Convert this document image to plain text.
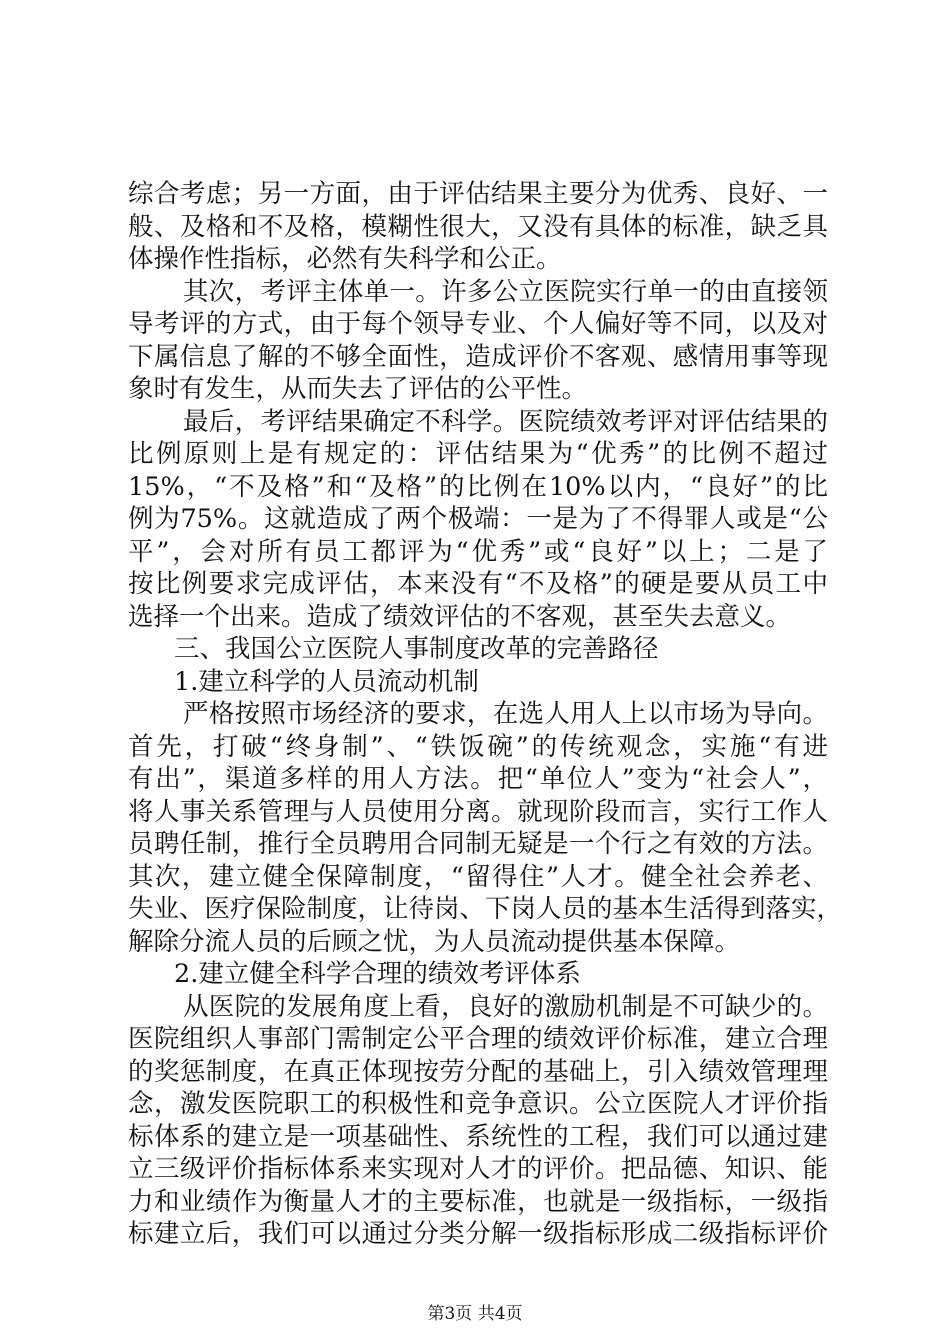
综合考虑；另一方面，由于评估结果主要分为优秀、良好、一
般、及格和不及格，模糊性很大，又没有具体的标准，缺乏具
体操作性指标，必然有失科学和公正。
其次，考评主体单一。许多公立医院实行单一的由直接领
导考评的方式，由于每个领导专业、个人偏好等不同，以及对
下属信息了解的不够全面性，造成评价不客观、感情用事等现
象时有发生，从而失去了评估的公平性。
最后，考评结果确定不科学。医院绩效考评对评估结果的
比例原则上是有规定的：评估结果为“优秀”的比例不超过
15%，“不及格”和“及格”的比例在10%以内，“良好”的比
例为75%。这就造成了两个极端：一是为了不得罪人或是“公
平”，会对所有员工都评为“优秀”或“良好”以上；二是了
按比例要求完成评估，本来没有“不及格”的硬是要从员工中
选择一个出来。造成了绩效评估的不客观，甚至失去意义。
三、我国公立医院人事制度改革的完善路径
1.建立科学的人员流动机制
严格按照市场经济的要求，在选人用人上以市场为导向。
首先，打破“终身制”、“铁饭碗”的传统观念，实施“有进
有出”，渠道多样的用人方法。把“单位人”变为“社会人”，
将人事关系管理与人员使用分离。就现阶段而言，实行工作人
员聘任制，推行全员聘用合同制无疑是一个行之有效的方法。
其次，建立健全保障制度，“留得住”人才。健全社会养老、
失业、医疗保险制度，让待岗、下岗人员的基本生活得到落实，
解除分流人员的后顾之忧，为人员流动提供基本保障。
2.建立健全科学合理的绩效考评体系
从医院的发展角度上看，良好的激励机制是不可缺少的。
医院组织人事部门需制定公平合理的绩效评价标准，建立合理
的奖惩制度，在真正体现按劳分配的基础上，引入绩效管理理
念，激发医院职工的积极性和竞争意识。公立医院人才评价指
标体系的建立是一项基础性、系统性的工程，我们可以通过建
立三级评价指标体系来实现对人才的评价。把品德、知识、能
力和业绩作为衡量人才的主要标准，也就是一级指标，一级指
标建立后，我们可以通过分类分解一级指标形成二级指标评价
第3页 共4页
